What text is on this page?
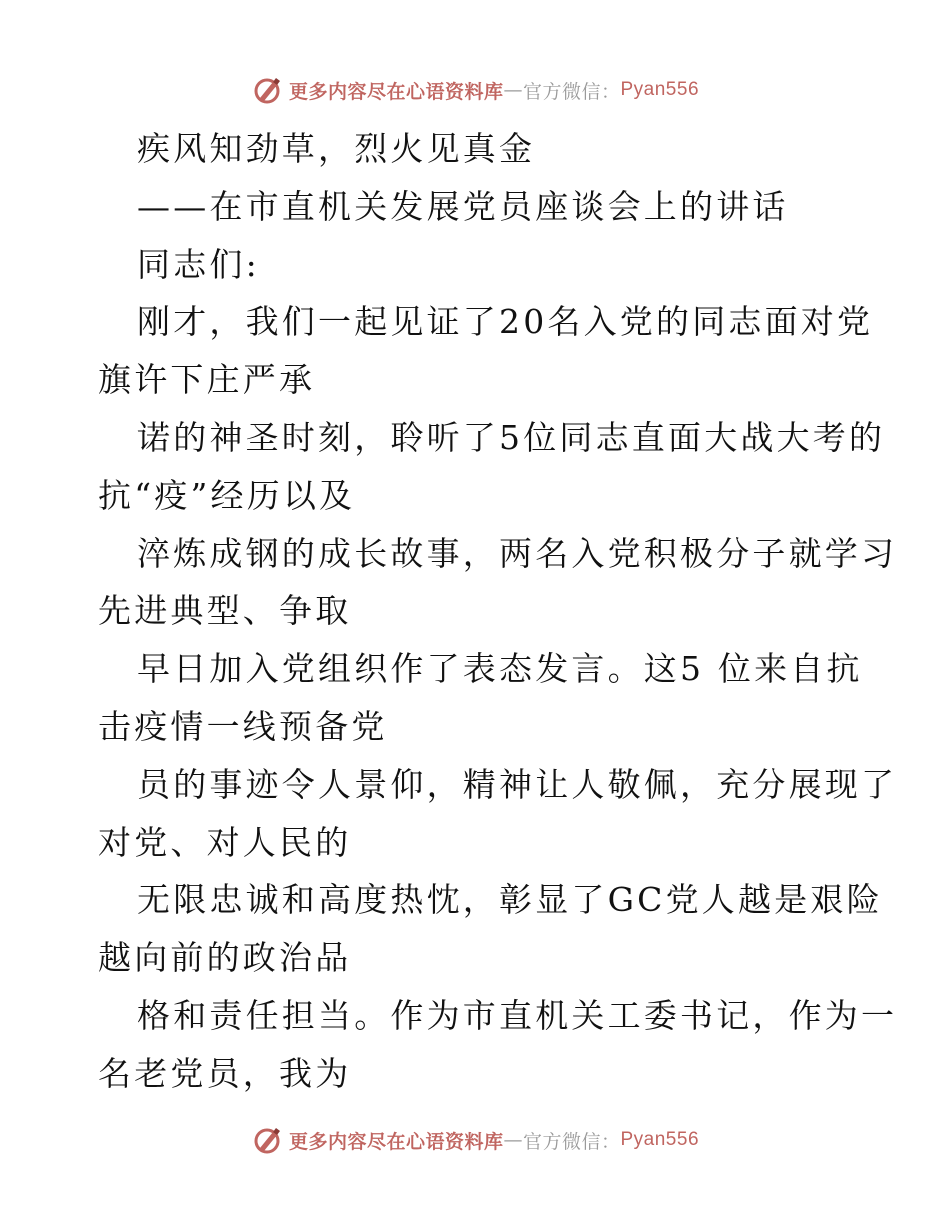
更多内容尽在心语资料库 — 官方微信： Pyan556
疾风知劲草，烈火见真金
——在市直机关发展党员座谈会上的讲话
同志们:
刚才，我们一起见证了20名入党的同志面对党
旗许下庄严承
诺的神圣时刻，聆听了5位同志直面大战大考的
抗“疫”经历以及
淬炼成钢的成长故事，两名入党积极分子就学习
先进典型、争取
早日加入党组织作了表态发言。这5 位来自抗
击疫情一线预备党
员的事迹令人景仰，精神让人敬佩，充分展现了
对党、对人民的
无限忠诚和高度热忱，彰显了GC党人越是艰险
越向前的政治品
格和责任担当。作为市直机关工委书记，作为一
名老党员，我为
更多内容尽在心语资料库 — 官方微信： Pyan556
